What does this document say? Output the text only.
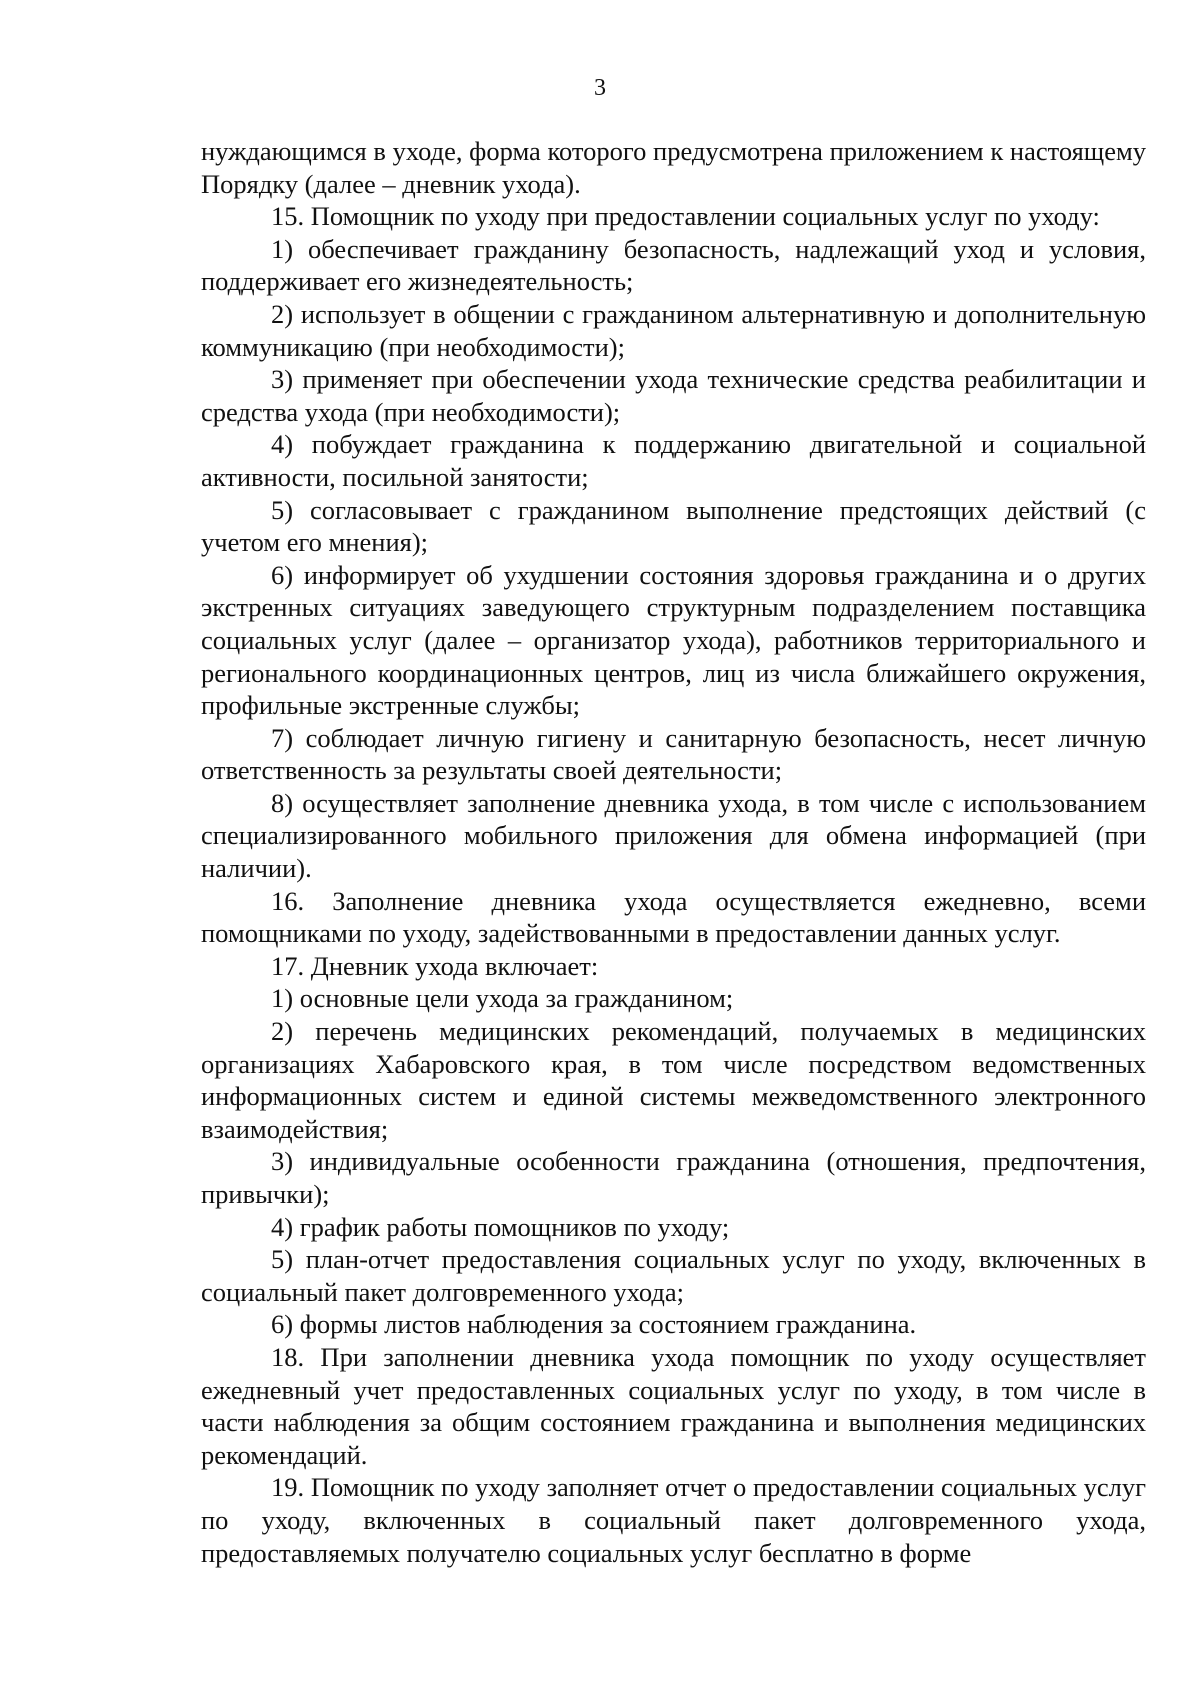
3

нуждающимся в уходе, форма которого предусмотрена приложением к настоящему Порядку (далее – дневник ухода).

15. Помощник по уходу при предоставлении социальных услуг по уходу:

1) обеспечивает гражданину безопасность, надлежащий уход и условия, поддерживает его жизнедеятельность;

2) использует в общении с гражданином альтернативную и дополнительную коммуникацию (при необходимости);

3) применяет при обеспечении ухода технические средства реабилитации и средства ухода (при необходимости);

4) побуждает гражданина к поддержанию двигательной и социальной активности, посильной занятости;

5) согласовывает с гражданином выполнение предстоящих действий (с учетом его мнения);

6) информирует об ухудшении состояния здоровья гражданина и о других экстренных ситуациях заведующего структурным подразделением поставщика социальных услуг (далее – организатор ухода), работников территориального и регионального координационных центров, лиц из числа ближайшего окружения, профильные экстренные службы;

7) соблюдает личную гигиену и санитарную безопасность, несет личную ответственность за результаты своей деятельности;

8) осуществляет заполнение дневника ухода, в том числе с использованием специализированного мобильного приложения для обмена информацией (при наличии).

16. Заполнение дневника ухода осуществляется ежедневно, всеми помощниками по уходу, задействованными в предоставлении данных услуг.

17. Дневник ухода включает:

1) основные цели ухода за гражданином;

2) перечень медицинских рекомендаций, получаемых в медицинских организациях Хабаровского края, в том числе посредством ведомственных информационных систем и единой системы межведомственного электронного взаимодействия;

3) индивидуальные особенности гражданина (отношения, предпочтения, привычки);

4) график работы помощников по уходу;

5) план-отчет предоставления социальных услуг по уходу, включенных в социальный пакет долговременного ухода;

6) формы листов наблюдения за состоянием гражданина.

18. При заполнении дневника ухода помощник по уходу осуществляет ежедневный учет предоставленных социальных услуг по уходу, в том числе в части наблюдения за общим состоянием гражданина и выполнения медицинских рекомендаций.

19. Помощник по уходу заполняет отчет о предоставлении социальных услуг по уходу, включенных в социальный пакет долговременного ухода, предоставляемых получателю социальных услуг бесплатно в форме
